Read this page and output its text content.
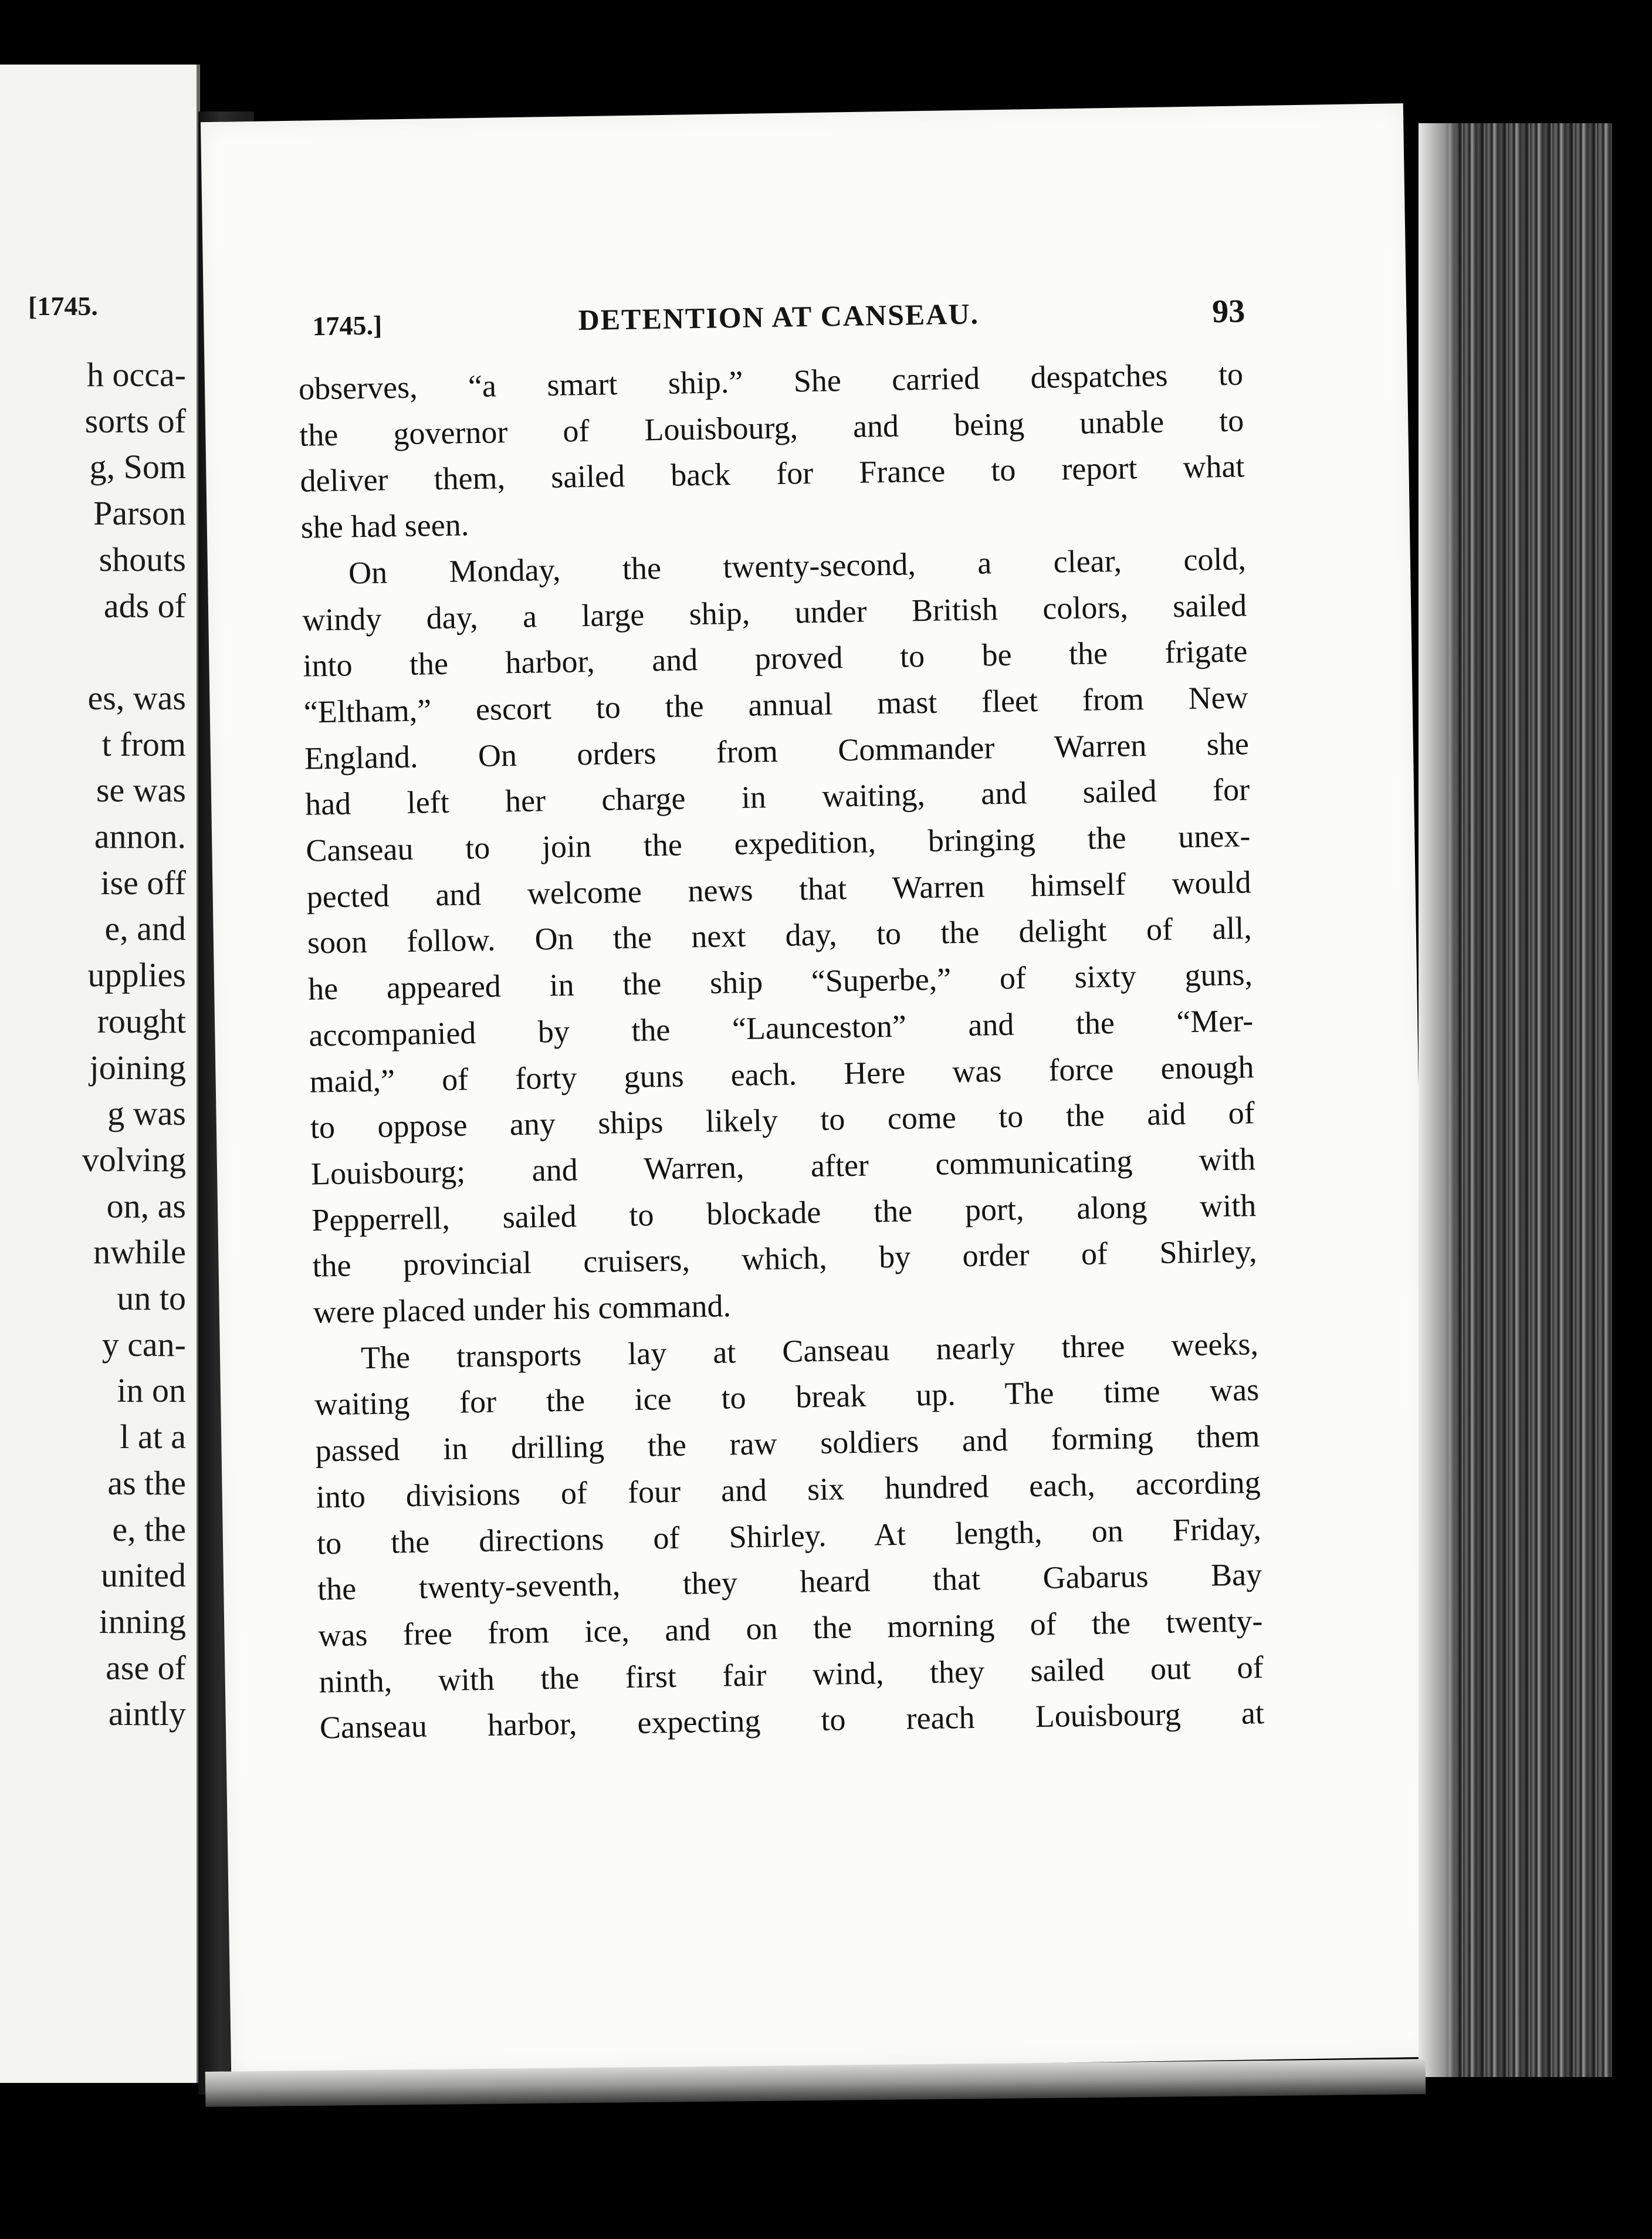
[1745.
h occa-
sorts of
g, Som
Parson
shouts
ads of

es, was
t from
se was
annon.
ise off
e, and
upplies
rought
joining
g was
volving
on, as
nwhile
un to
y can-
in on
l at a
as the
e, the
united
inning
ase of
aintly
1745.]	DETENTION AT CANSEAU.	93
observes, “a smart ship.” She carried despatches to
the governor of Louisbourg, and being unable to
deliver them, sailed back for France to report what
she had seen.
On Monday, the twenty-second, a clear, cold,
windy day, a large ship, under British colors, sailed
into the harbor, and proved to be the frigate
“Eltham,” escort to the annual mast fleet from New
England. On orders from Commander Warren she
had left her charge in waiting, and sailed for
Canseau to join the expedition, bringing the unex-
pected and welcome news that Warren himself would
soon follow. On the next day, to the delight of all,
he appeared in the ship “Superbe,” of sixty guns,
accompanied by the “Launceston” and the “Mer-
maid,” of forty guns each. Here was force enough
to oppose any ships likely to come to the aid of
Louisbourg; and Warren, after communicating with
Pepperrell, sailed to blockade the port, along with
the provincial cruisers, which, by order of Shirley,
were placed under his command.
The transports lay at Canseau nearly three weeks,
waiting for the ice to break up. The time was
passed in drilling the raw soldiers and forming them
into divisions of four and six hundred each, according
to the directions of Shirley. At length, on Friday,
the twenty-seventh, they heard that Gabarus Bay
was free from ice, and on the morning of the twenty-
ninth, with the first fair wind, they sailed out of
Canseau harbor, expecting to reach Louisbourg at
